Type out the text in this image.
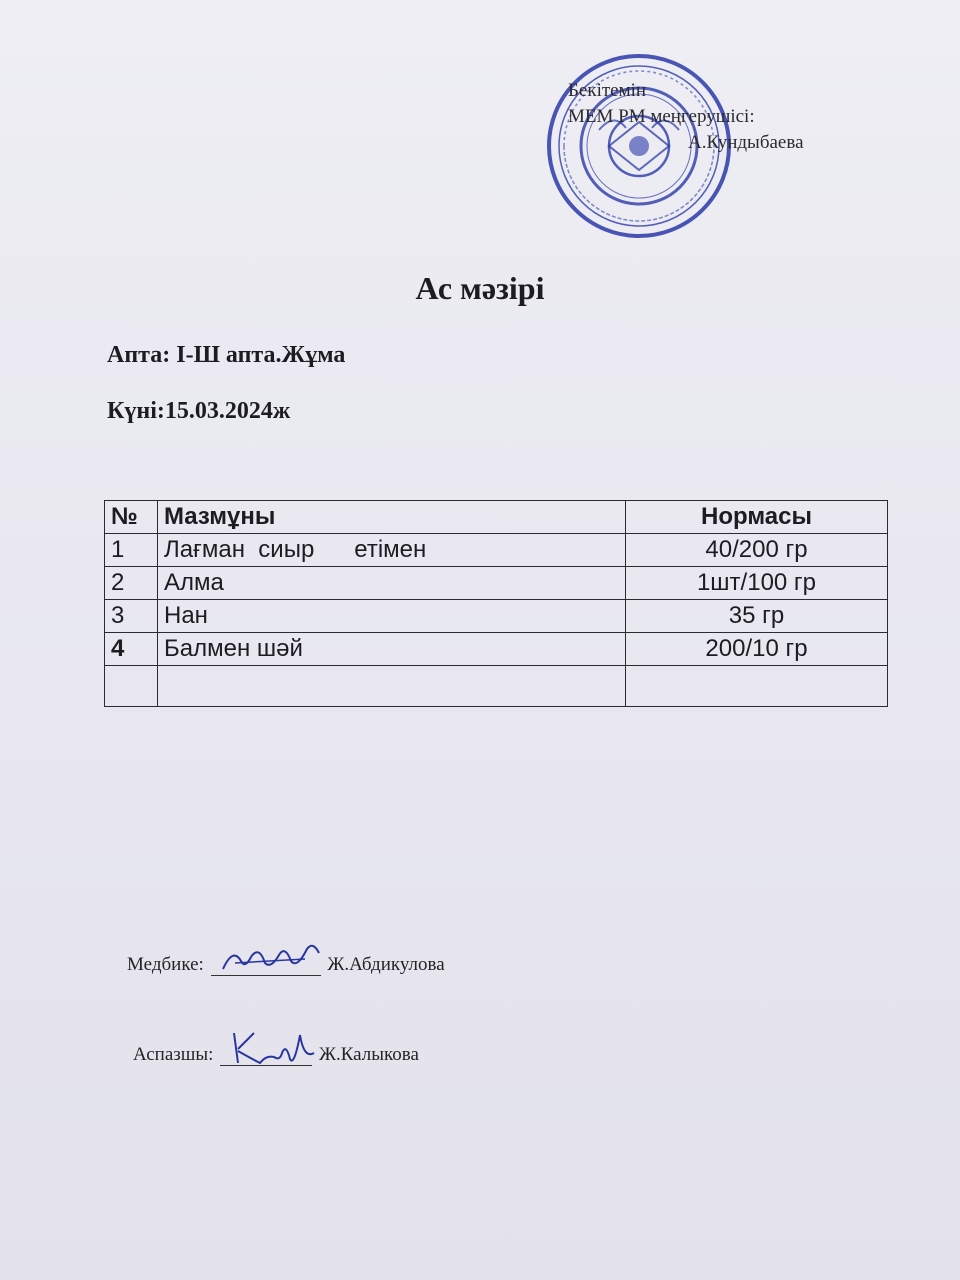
Бекітемін
МЕМ РМ меңгерушісі:
А.Кундыбаева
Ас мәзірі
Апта: І-Ш апта.Жұма
Күні:15.03.2024ж
№	Мазмұны	Нормасы
1	Лағман  сиыр      етімен	40/200 гр
2	Алма	1шт/100 гр
3	Нан	35 гр
4	Балмен шәй	200/10 гр

Медбике:	Ж.Абдикулова
Аспазшы:	Ж.Калыкова
